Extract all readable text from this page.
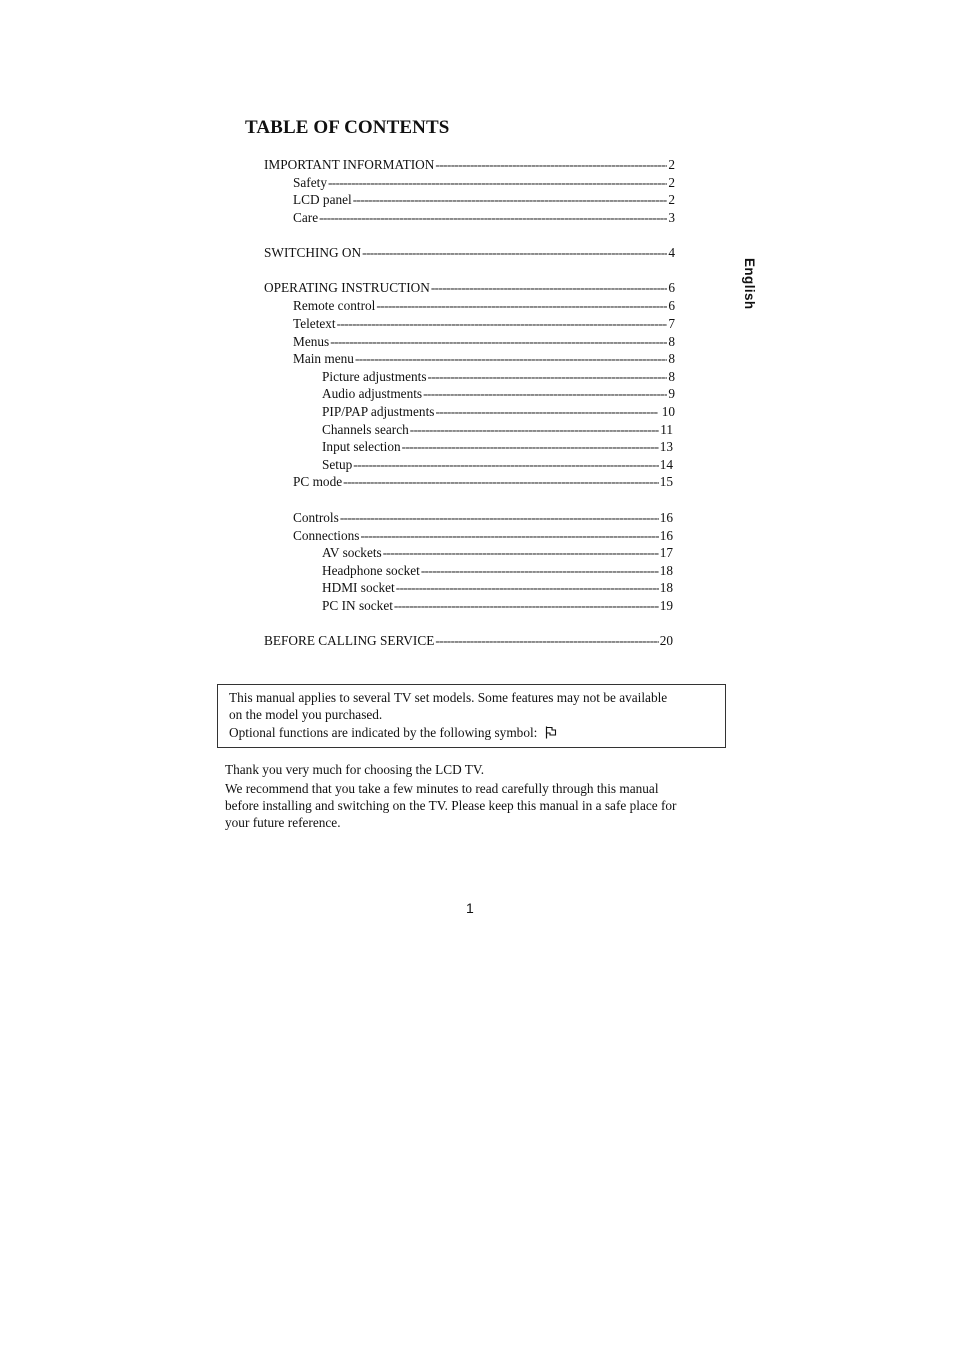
TABLE OF CONTENTS
English
IMPORTANT INFORMATION -----	2
Safety -----	2
LCD panel -----	2
Care -----	3
SWITCHING ON -----	4
OPERATING INSTRUCTION -----	6
Remote control -----	6
Teletext -----	7
Menus -----	8
Main menu -----	8
Picture adjustments -----	8
Audio adjustments -----	9
PIP/PAP adjustments -----	10
Channels search -----	11
Input selection -----	13
Setup -----	14
PC mode -----	15
Controls -----	16
Connections -----	16
AV sockets -----	17
Headphone socket -----	18
HDMI socket -----	18
PC IN socket -----	19
BEFORE CALLING SERVICE -----	20
This manual applies to several TV set models. Some features may not be available
on the model you purchased.
Optional functions are indicated by the following symbol:
Thank you very much for choosing the LCD TV.
We recommend that you take a few minutes to read carefully through this manual
before installing and switching on the TV. Please keep this manual in a safe place for
your future reference.
1
